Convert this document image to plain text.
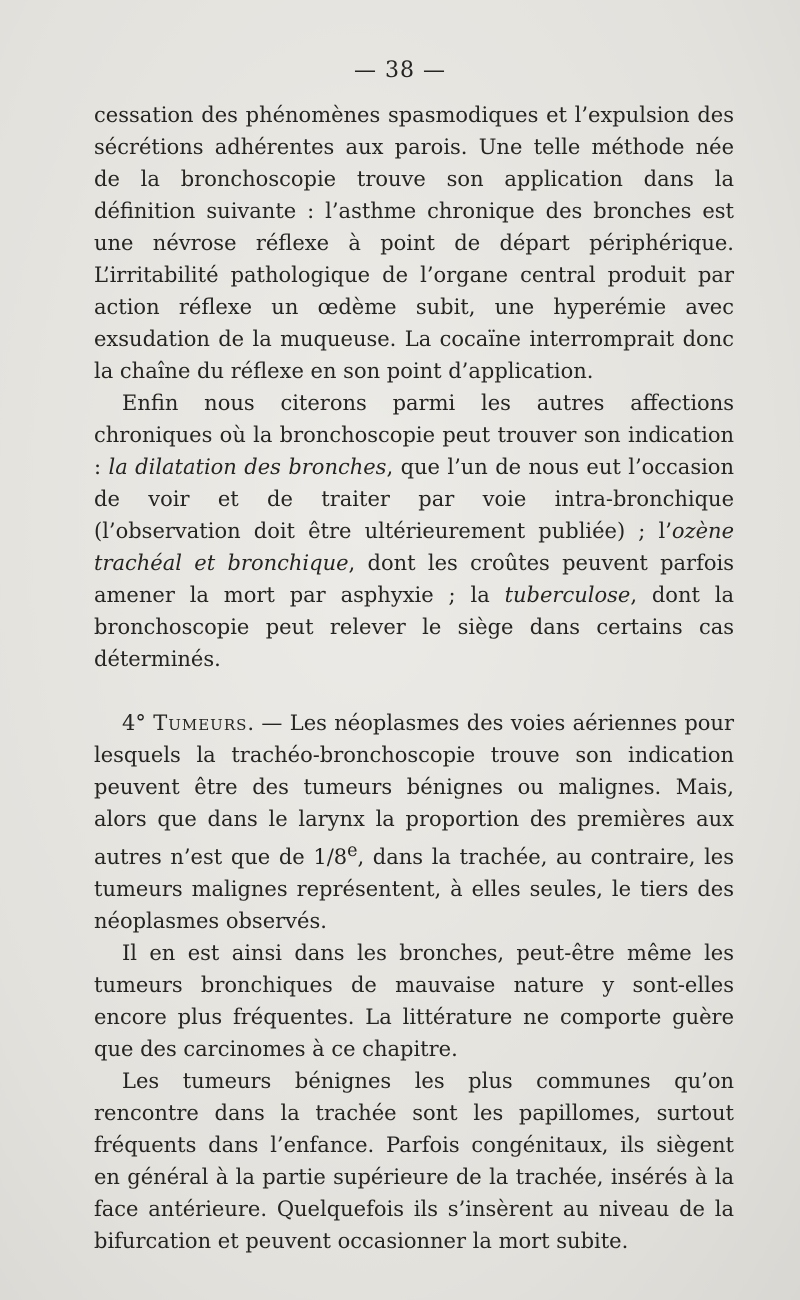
— 38 —

cessation des phénomènes spasmodiques et l’expulsion des sécrétions adhérentes aux parois. Une telle méthode née de la bronchoscopie trouve son application dans la définition suivante : l’asthme chronique des bronches est une névrose réflexe à point de départ périphérique. L’irritabilité pathologique de l’organe central produit par action réflexe un œdème subit, une hyperémie avec exsudation de la muqueuse. La cocaïne interromprait donc la chaîne du réflexe en son point d’application.

Enfin nous citerons parmi les autres affections chroniques où la bronchoscopie peut trouver son indication : la dilatation des bronches, que l’un de nous eut l’occasion de voir et de traiter par voie intra-bronchique (l’observation doit être ultérieurement publiée) ; l’ozène trachéal et bronchique, dont les croûtes peuvent parfois amener la mort par asphyxie ; la tuberculose, dont la bronchoscopie peut relever le siège dans certains cas déterminés.

4° Tumeurs. — Les néoplasmes des voies aériennes pour lesquels la trachéo-bronchoscopie trouve son indication peuvent être des tumeurs bénignes ou malignes. Mais, alors que dans le larynx la proportion des premières aux autres n’est que de 1/8e, dans la trachée, au contraire, les tumeurs malignes représentent, à elles seules, le tiers des néoplasmes observés.

Il en est ainsi dans les bronches, peut-être même les tumeurs bronchiques de mauvaise nature y sont-elles encore plus fréquentes. La littérature ne comporte guère que des carcinomes à ce chapitre.

Les tumeurs bénignes les plus communes qu’on rencontre dans la trachée sont les papillomes, surtout fréquents dans l’enfance. Parfois congénitaux, ils siègent en général à la partie supérieure de la trachée, insérés à la face antérieure. Quelquefois ils s’insèrent au niveau de la bifurcation et peuvent occasionner la mort subite.
